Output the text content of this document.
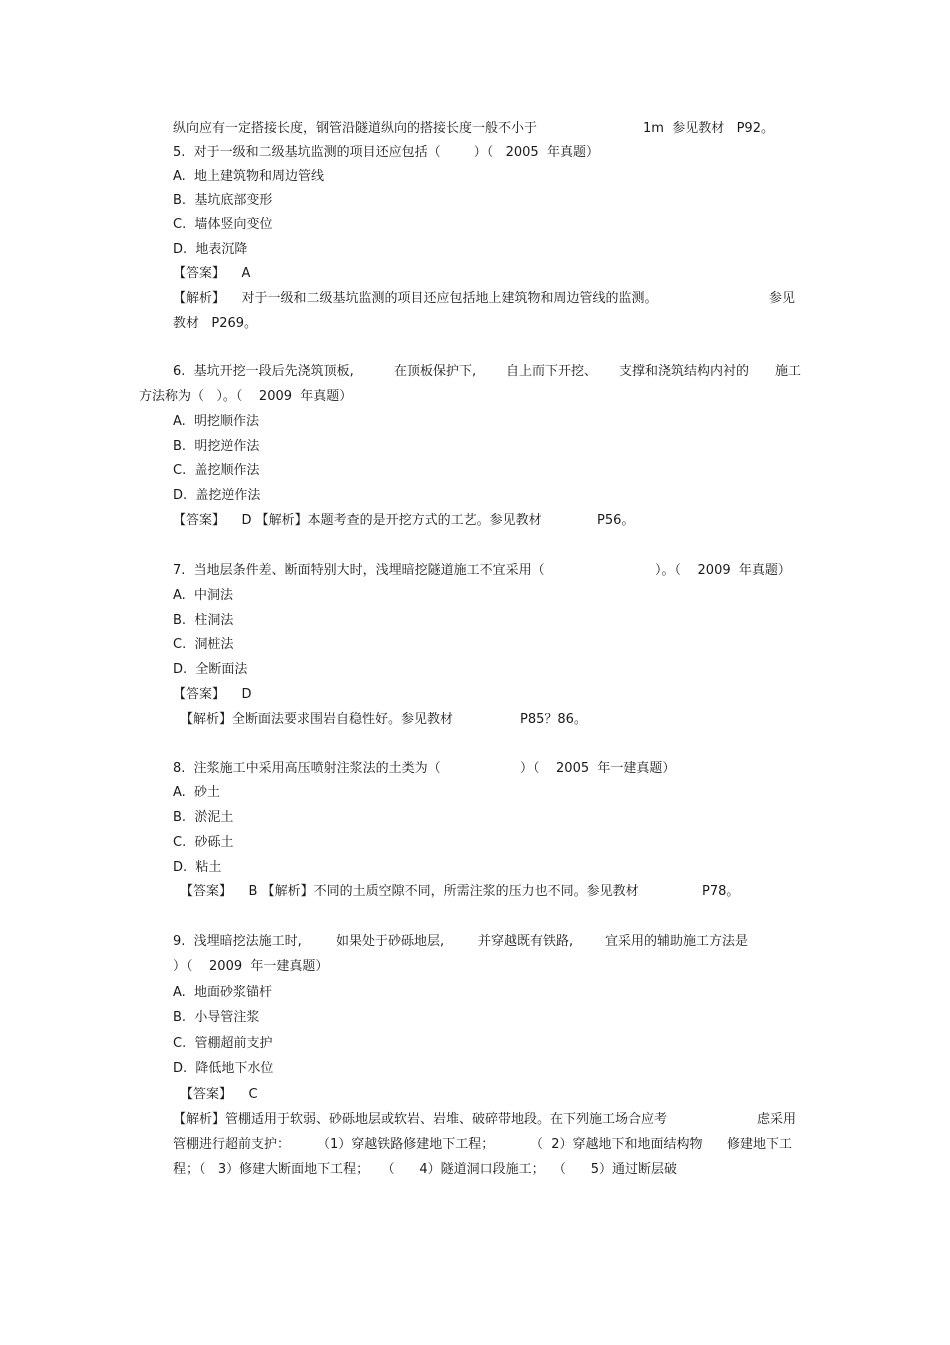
纵向应有一定搭接长度，钢管沿隧道纵向的搭接长度一般不小于	1m  参见教材   P92。
5.  对于一级和二级基坑监测的项目还应包括（        ）（   2005  年真题）
A.  地上建筑物和周边管线
B.  基坑底部变形
C.  墙体竖向变位
D.  地表沉降
【答案】    A
【解析】    对于一级和二级基坑监测的项目还应包括地上建筑物和周边管线的监测。	参见
教材   P269。
6.  基坑开挖一段后先浇筑顶板,	在顶板保护下, 自上而下开挖、 支撑和浇筑结构内衬的 施工
方法称为（   ）。（    2009  年真题）
A.  明挖顺作法
B.  明挖逆作法
C.  盖挖顺作法
D.  盖挖逆作法
【答案】    D 【解析】本题考查的是开挖方式的工艺。参见教材	P56。
7.  当地层条件差、断面特别大时，浅埋暗挖隧道施工不宜采用（	）。（    2009  年真题）
A.  中洞法
B.  柱洞法
C.  洞桩法
D.  全断面法
【答案】    D
【解析】全断面法要求围岩自稳性好。参见教材	P85？86。
8.  注浆施工中采用高压喷射注浆法的土类为（	）（    2005  年一建真题）
A.  砂土
B.  淤泥土
C.  砂砾土
D.  粘土
【答案】    B 【解析】不同的土质空隙不同，所需注浆的压力也不同。参见教材	P78。
9.  浅埋暗挖法施工时,	如果处于砂砾地层,	并穿越既有铁路, 宜采用的辅助施工方法是
）（    2009  年一建真题）
A.  地面砂浆锚杆
B.  小导管注浆
C.  管棚超前支护
D.  降低地下水位
【答案】    C
【解析】管棚适用于软弱、砂砾地层或软岩、岩堆、破碎带地段。在下列施工场合应考	虑采用
管棚进行超前支护： （1）穿越铁路修建地下工程；	（  2）穿越地下和地面结构物 修建地下工
程；（   3）修建大断面地下工程；   （      4）隧道洞口段施工；  （      5）通过断层破
